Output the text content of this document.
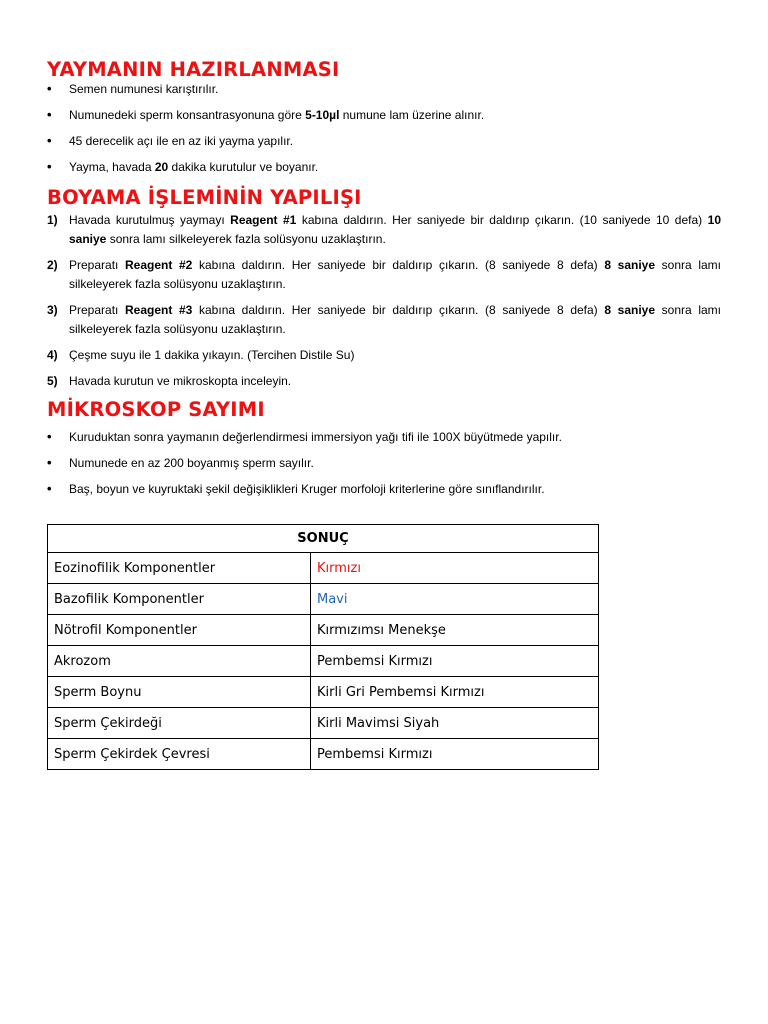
YAYMANIN HAZIRLANMASI
• Semen numunesi karıştırılır.
• Numunedeki sperm konsantrasyonuna göre 5-10µl numune lam üzerine alınır.
• 45 derecelik açı ile en az iki yayma yapılır.
• Yayma, havada 20 dakika kurutulur ve boyanır.
BOYAMA İŞLEMİNİN YAPILIŞI
1) Havada kurutulmuş yaymayı Reagent #1 kabına daldırın. Her saniyede bir daldırıp çıkarın. (10 saniyede 10 defa) 10 saniye sonra lamı silkeleyerek fazla solüsyonu uzaklaştırın.
2) Preparatı Reagent #2 kabına daldırın. Her saniyede bir daldırıp çıkarın. (8 saniyede 8 defa) 8 saniye sonra lamı silkeleyerek fazla solüsyonu uzaklaştırın.
3) Preparatı Reagent #3 kabına daldırın. Her saniyede bir daldırıp çıkarın. (8 saniyede 8 defa) 8 saniye sonra lamı silkeleyerek fazla solüsyonu uzaklaştırın.
4) Çeşme suyu ile 1 dakika yıkayın. (Tercihen Distile Su)
5) Havada kurutun ve mikroskopta inceleyin.
MİKROSKOP SAYIMI
• Kuruduktan sonra yaymanın değerlendirmesi immersiyon yağı tifi ile 100X büyütmede yapılır.
• Numunede en az 200 boyanmış sperm sayılır.
• Baş, boyun ve kuyruktaki şekil değişiklikleri Kruger morfoloji kriterlerine göre sınıflandırılır.
SONUÇ	
Eozinofilik Komponentler	Kırmızı
Bazofilik Komponentler	Mavi
Nötrofil Komponentler	Kırmızımsı Menekşe
Akrozom	Pembemsi Kırmızı
Sperm Boynu	Kirli Gri Pembemsi Kırmızı
Sperm Çekirdeği	Kirli Mavimsi Siyah
Sperm Çekirdek Çevresi	Pembemsi Kırmızı
